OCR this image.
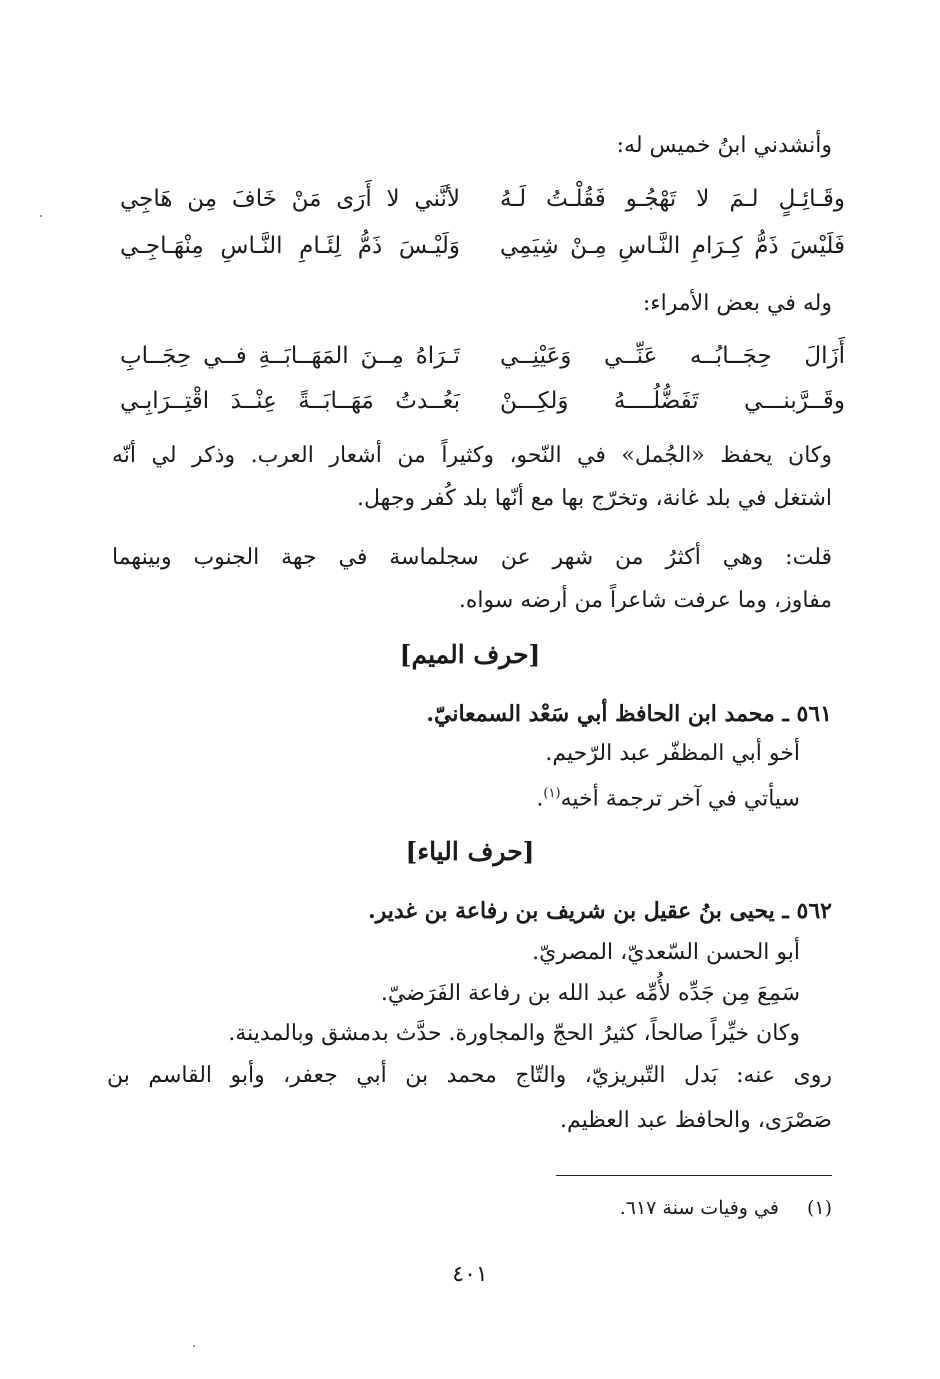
وأنشدني ابنُ خميس له:
وقَـائِـلٍ لـمَ لا تَهْجُـو فَقُلْـتُ لَـهُ
لأنَّني لا أَرَى مَنْ خَافَ مِن هَاجِي
فَلَيْسَ ذَمُّ كِـرَامِ النَّـاسِ مِـنْ شِيَمِي
وَلَيْـسَ ذَمُّ لِئَـامِ النَّـاسِ مِنْهَـاجِـي
وله في بعض الأمراء:
أَزَالَ حِجَــابُــه عَنِّــي وَعَيْنِــي
تَـرَاهُ مِــنَ المَهَــابَــةِ فــي حِجَــابِ
وقَــرَّبنـــي تَفَضُّلُــــهُ وَلكِـــنْ
بَعُــدتُ مَهَــابَــةً عِنْــدَ اقْتِــرَابِـي
وكان يحفظ «الجُمل» في النّحو، وكثيراً من أشعار العرب. وذكر لي أنّه
اشتغل في بلد غانة، وتخرّج بها مع أنّها بلد كُفر وجهل.
قلت: وهي أكثرُ من شهر عن سجلماسة في جهة الجنوب وبينهما
مفاوز، وما عرفت شاعراً من أرضه سواه.
[حرف الميم]
٥٦١ ـ محمد ابن الحافظ أبي سَعْد السمعانيّ.
أخو أبي المظفّر عبد الرّحيم.
سيأتي في آخر ترجمة أخيه$^{(١)}$.
[حرف الياء]
٥٦٢ ـ يحيى بنُ عقيل بن شريف بن رفاعة بن غدير.
أبو الحسن السّعديّ، المصريّ.
سَمِعَ مِن جَدِّه لأُمِّه عبد الله بن رفاعة الفَرَضيّ.
وكان خيِّراً صالحاً، كثيرُ الحجّ والمجاورة. حدَّث بدمشق وبالمدينة.
روى عنه: بَدل التّبريزيّ، والتّاج محمد بن أبي جعفر، وأبو القاسم بن
صَصْرَى، والحافظ عبد العظيم.
(١)في وفيات سنة ٦١٧.
٤٠١
